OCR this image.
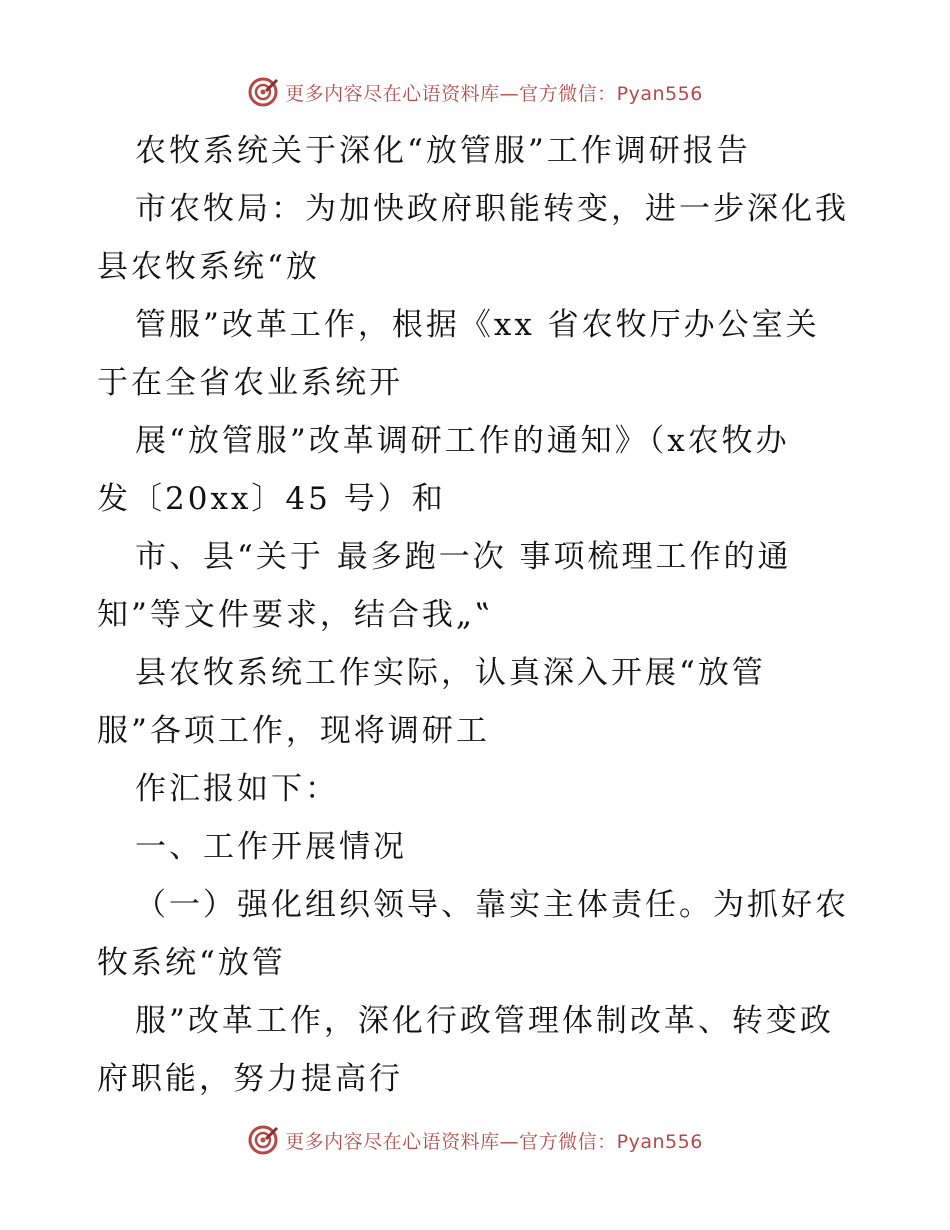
更多内容尽在心语资料库—官方微信：Pyan556
农牧系统关于深化“放管服”工作调研报告
市农牧局：为加快政府职能转变，进一步深化我
县农牧系统“放
管服”改革工作，根据《xx 省农牧厅办公室关
于在全省农业系统开
展“放管服”改革调研工作的通知》（x农牧办
发〔20xx〕45 号）和
市、县“关于 最多跑一次 事项梳理工作的通
知”等文件要求，结合我„‟
县农牧系统工作实际，认真深入开展“放管
服”各项工作，现将调研工
作汇报如下：
一、工作开展情况
（一）强化组织领导、靠实主体责任。为抓好农
牧系统“放管
服”改革工作，深化行政管理体制改革、转变政
府职能，努力提高行
更多内容尽在心语资料库—官方微信：Pyan556
